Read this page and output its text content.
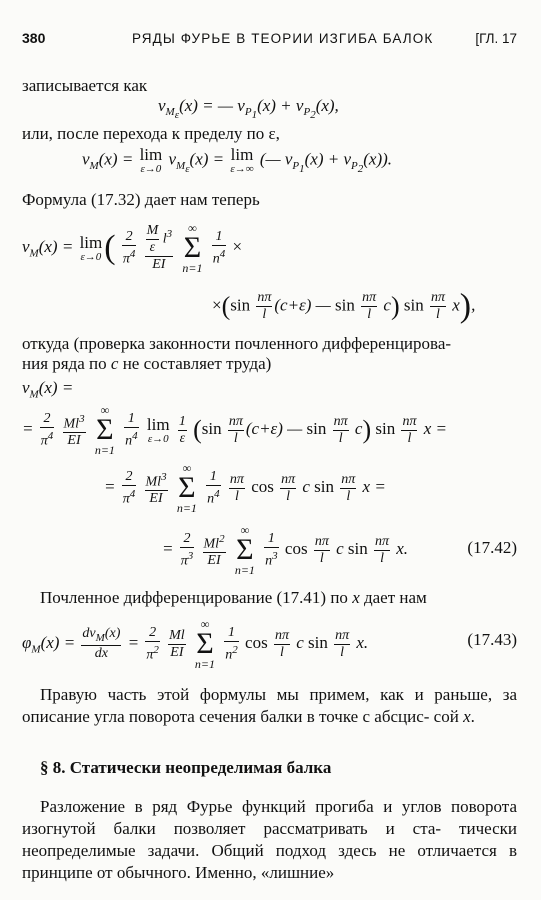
380	РЯДЫ ФУРЬЕ В ТЕОРИИ ИЗГИБА БАЛОК	[ГЛ. 17
записывается как
$v_{M_\varepsilon}(x)$ = — $v_{P_1}(x) + v_{P_2}(x)$,
или, после перехода к пределу по ε,
$v_M(x) = \lim$
ε→0
$v_{M_\varepsilon}(x) = \lim$
ε→∞
(— $v_{P_1}(x) + v_{P_2}(x)$).
Формула (17.32) дает нам теперь
$v_M(x) = \lim$
ε→0 ( $\frac{2}{\pi^4}$
$\frac{\frac{M}{\varepsilon} l^3}{EI}$
	∞
Σ
n=1

$\frac{1}{n^4}$ ×
$\times(\sin \frac{n\pi}{l} (c+\varepsilon)$ — $\sin \frac{n\pi}{l} c$) $\sin \frac{n\pi}{l} x$),
откуда (проверка законности почленного дифференцирова-
ния ряда по c не составляет труда)
$v_M(x)$ =
= $\frac{2}{\pi^4}$
$\frac{Ml^3}{EI}$

∞
Σ
n=1

$\frac{1}{n^4}$
lim
ε→0
$\frac{1}{\varepsilon} (\sin \frac{n\pi}{l} (c+\varepsilon)$ — $\sin \frac{n\pi}{l} c$) $\sin \frac{n\pi}{l}$ x =
= $\frac{2}{\pi^4}$
$\frac{Ml^3}{EI}$

∞
Σ
n=1

$\frac{1}{n^4}$
$\frac{n\pi}{l}$ $\cos \frac{n\pi}{l}$ c $\sin \frac{n\pi}{l}$ x =
= $\frac{2}{\pi^3}$
$\frac{Ml^2}{EI}$

∞
Σ
n=1

$\frac{1}{n^3}$ $\cos \frac{n\pi}{l}$ c $\sin \frac{n\pi}{l} x$.	(17.42)
Почленное дифференцирование (17.41) по x дает нам
$\varphi_M(x) = \frac{dv_M(x)}{dx} = \frac{2}{\pi^2}$
$\frac{Ml}{EI}$

∞
Σ
n=1

$\frac{1}{n^2}$ $\cos \frac{n\pi}{l}$ c $\sin \frac{n\pi}{l} x$.	(17.43)
Правую часть этой формулы мы примем, как и раньше, за описание угла поворота сечения балки в точке с абсцис- сой x.
§ 8. Статически неопределимая балка
Разложение в ряд Фурье функций прогиба и углов поворота изогнутой балки позволяет рассматривать и ста- тически неопределимые задачи. Общий подход здесь не отличается в принципе от обычного. Именно, «лишние»
